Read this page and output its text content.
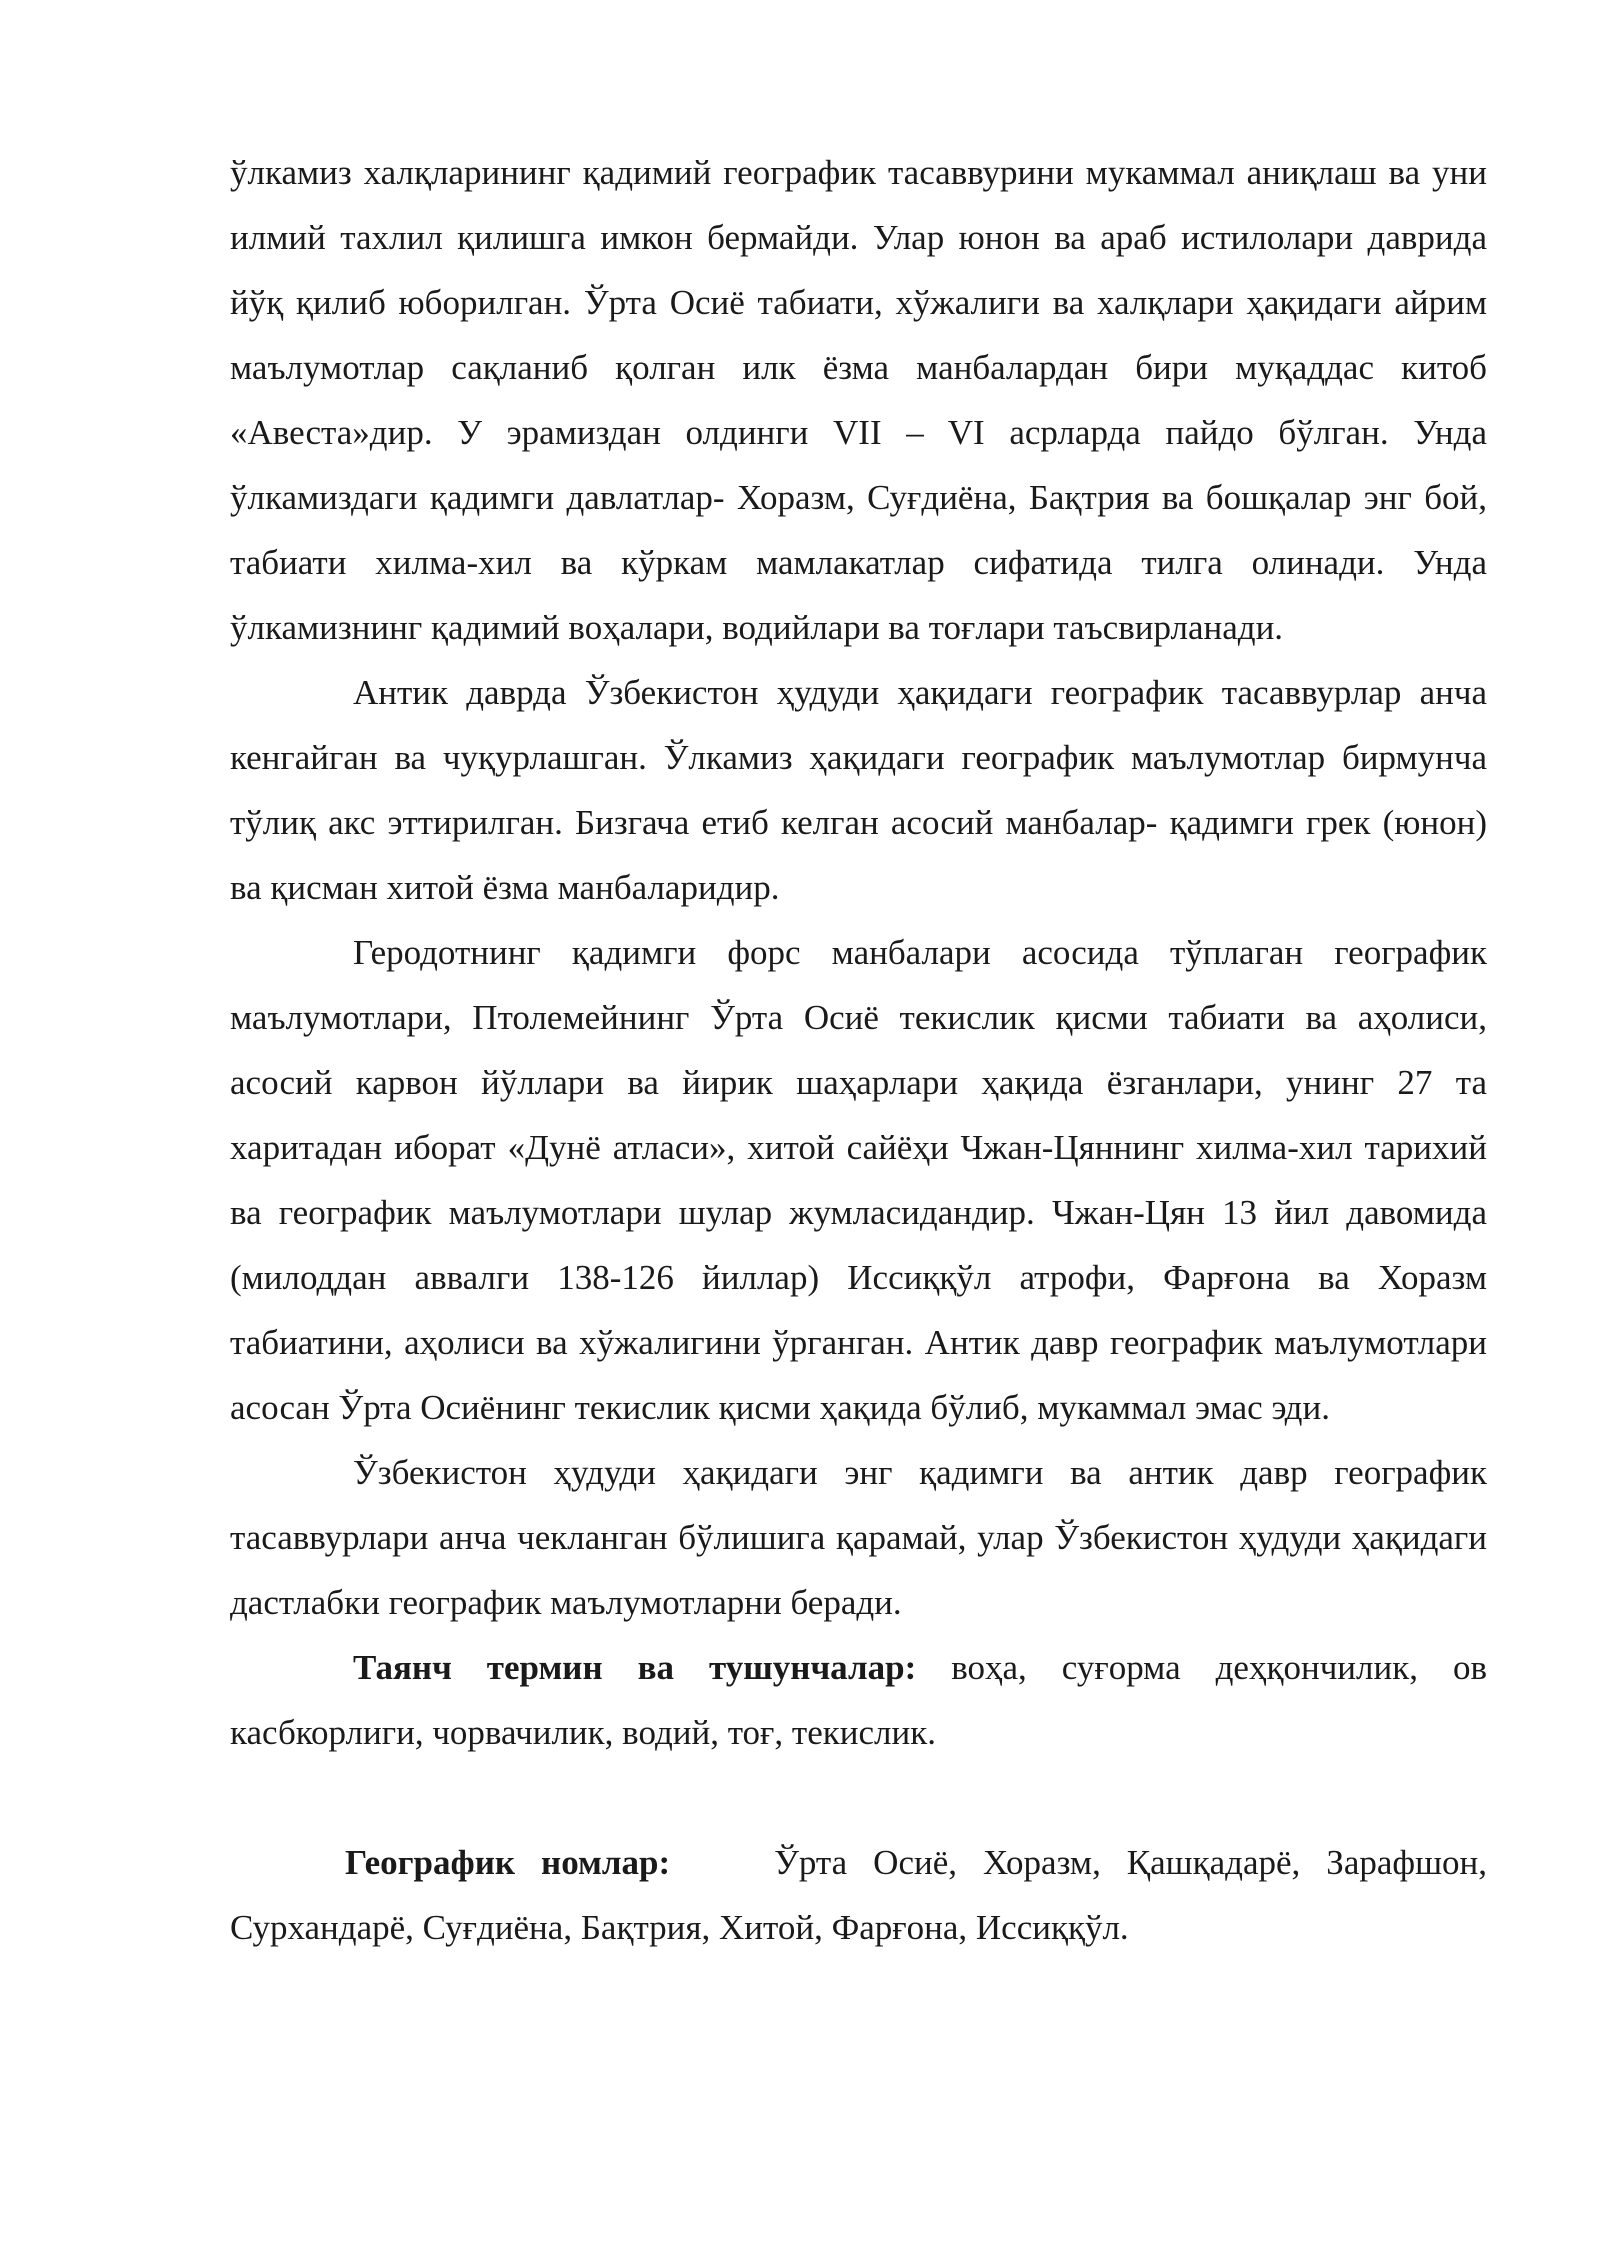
ўлкамиз халқларининг қадимий географик тасаввурини мукаммал аниқлаш ва уни илмий тахлил қилишга имкон бермайди. Улар юнон ва араб истилолари даврида йўқ қилиб юборилган. Ўрта Осиё табиати, хўжалиги ва халқлари ҳақидаги айрим маълумотлар сақланиб қолган илк ёзма манбалардан бири муқаддас китоб «Авеста»дир. У эрамиздан олдинги VII – VI асрларда пайдо бўлган. Унда ўлкамиздаги қадимги давлатлар- Хоразм, Суғдиёна, Бақтрия ва бошқалар энг бой, табиати хилма-хил ва кўркам мамлакатлар сифатида тилга олинади. Унда ўлкамизнинг қадимий воҳалари, водийлари ва тоғлари таъсвирланади.

Антик даврда Ўзбекистон ҳудуди ҳақидаги географик тасаввурлар анча кенгайган ва чуқурлашган. Ўлкамиз ҳақидаги географик маълумотлар бирмунча тўлиқ акс эттирилган. Бизгача етиб келган асосий манбалар- қадимги грек (юнон) ва қисман хитой ёзма манбаларидир.

Геродотнинг қадимги форс манбалари асосида тўплаган географик маълумотлари, Птолемейнинг Ўрта Осиё текислик қисми табиати ва аҳолиси, асосий карвон йўллари ва йирик шаҳарлари ҳақида ёзганлари, унинг 27 та харитадан иборат «Дунё атласи», хитой сайёҳи Чжан-Цяннинг хилма-хил тарихий ва географик маълумотлари шулар жумласидандир. Чжан-Цян 13 йил давомида (милоддан аввалги 138-126 йиллар) Иссиққўл атрофи, Фарғона ва Хоразм табиатини, аҳолиси ва хўжалигини ўрганган. Антик давр географик маълумотлари асосан Ўрта Осиёнинг текислик қисми ҳақида бўлиб, мукаммал эмас эди.

Ўзбекистон ҳудуди ҳақидаги энг қадимги ва антик давр географик тасаввурлари анча чекланган бўлишига қарамай, улар Ўзбекистон ҳудуди ҳақидаги дастлабки географик маълумотларни беради.

Таянч термин ва тушунчалар: воҳа, суғорма деҳқончилик, ов касбкорлиги, чорвачилик, водий, тоғ, текислик.

Географик номлар:    Ўрта Осиё, Хоразм, Қашқадарё, Зарафшон, Сурхандарё, Суғдиёна, Бақтрия, Хитой, Фарғона, Иссиққўл.
